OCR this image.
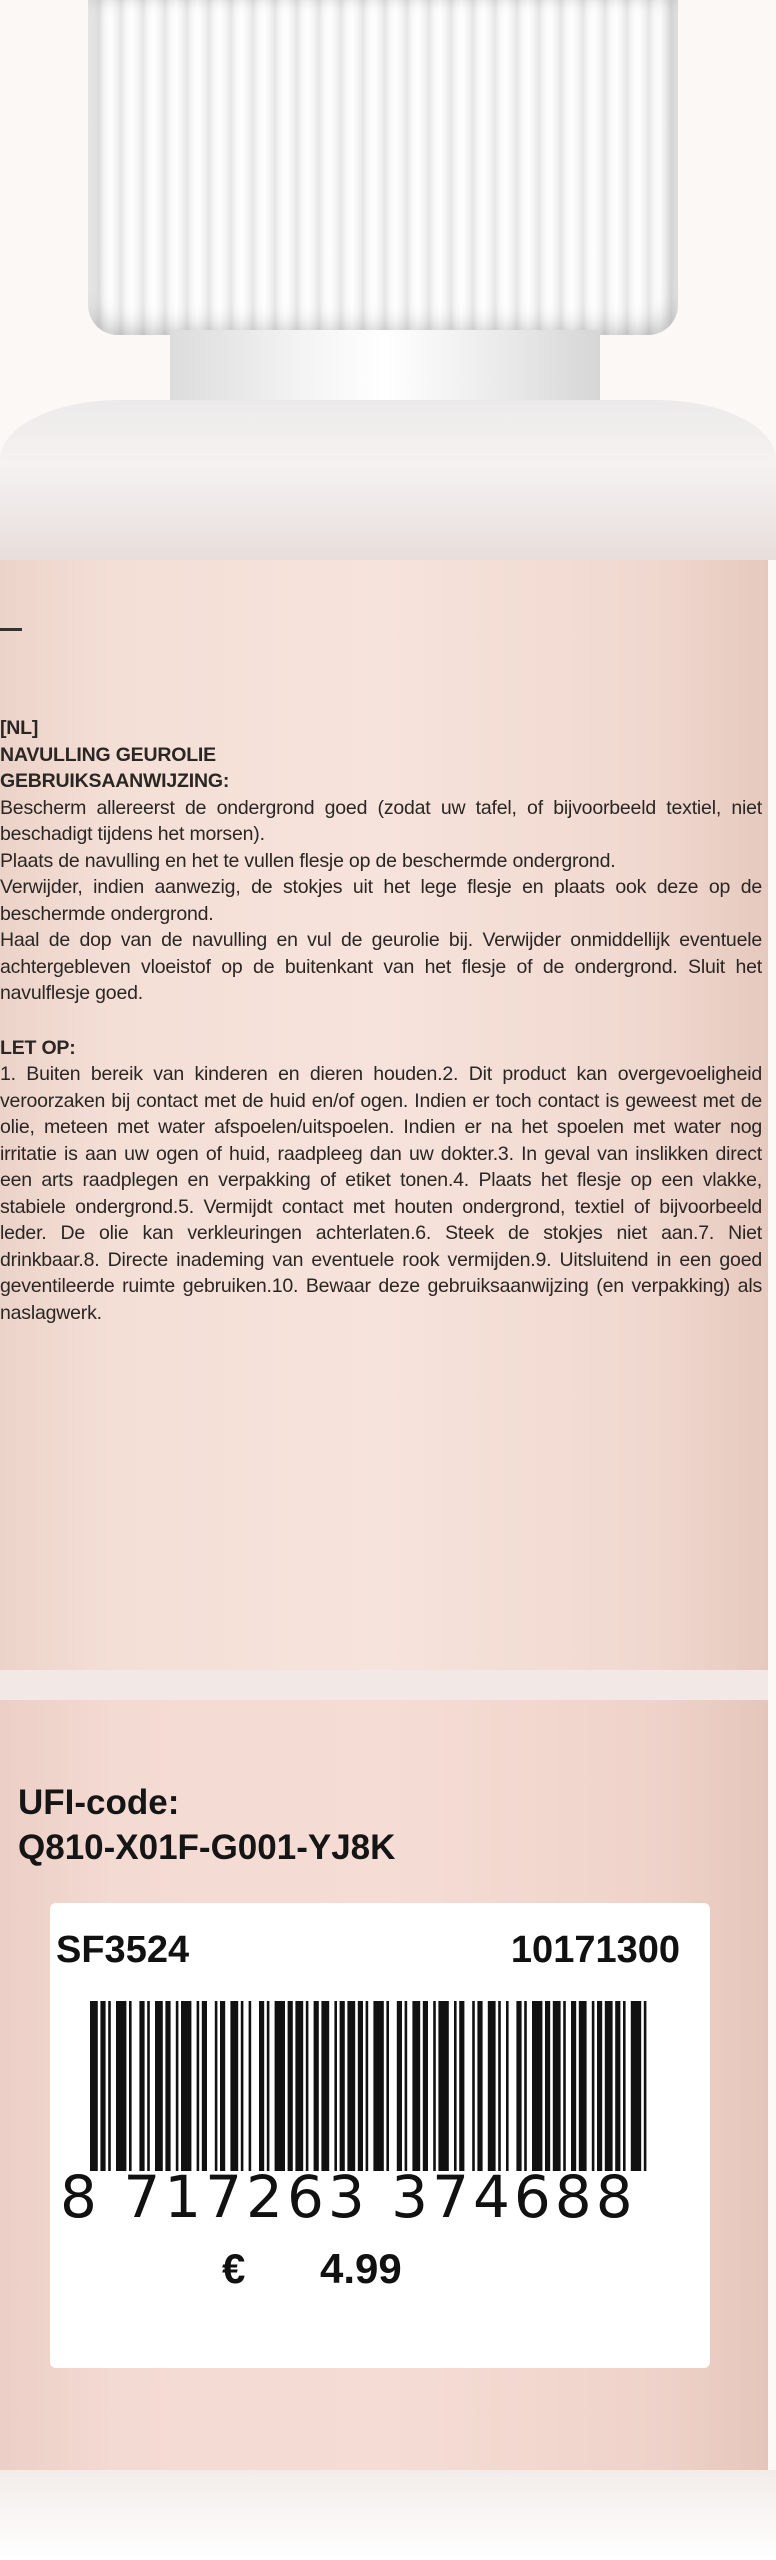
[NL]

NAVULLING GEUROLIE

GEBRUIKSAANWIJZING:

Bescherm allereerst de ondergrond goed (zodat uw tafel, of bijvoorbeeld textiel, niet beschadigt tijdens het morsen).

Plaats de navulling en het te vullen flesje op de beschermde ondergrond.

Verwijder, indien aanwezig, de stokjes uit het lege flesje en plaats ook deze op de beschermde ondergrond.

Haal de dop van de navulling en vul de geurolie bij. Verwijder onmiddellijk eventuele achtergebleven vloeistof op de buitenkant van het flesje of de ondergrond. Sluit het navulflesje goed.

LET OP:

1. Buiten bereik van kinderen en dieren houden.2. Dit product kan overgevoeligheid veroorzaken bij contact met de huid en/of ogen. Indien er toch contact is geweest met de olie, meteen met water afspoelen/uitspoelen. Indien er na het spoelen met water nog irritatie is aan uw ogen of huid, raadpleeg dan uw dokter.3. In geval van inslikken direct een arts raadplegen en verpakking of etiket tonen.4. Plaats het flesje op een vlakke, stabiele ondergrond.5. Vermijdt contact met houten ondergrond, textiel of bijvoorbeeld leder. De olie kan verkleuringen achterlaten.6. Steek de stokjes niet aan.7. Niet drinkbaar.8. Directe inademing van eventuele rook vermijden.9. Uitsluitend in een goed geventileerde ruimte gebruiken.10. Bewaar deze gebruiksaanwijzing (en verpakking) als naslagwerk.

UFI-code:
Q810-X01F-G001-YJ8K
SF3524	10171300
8 717263 374688
€ 4.99
